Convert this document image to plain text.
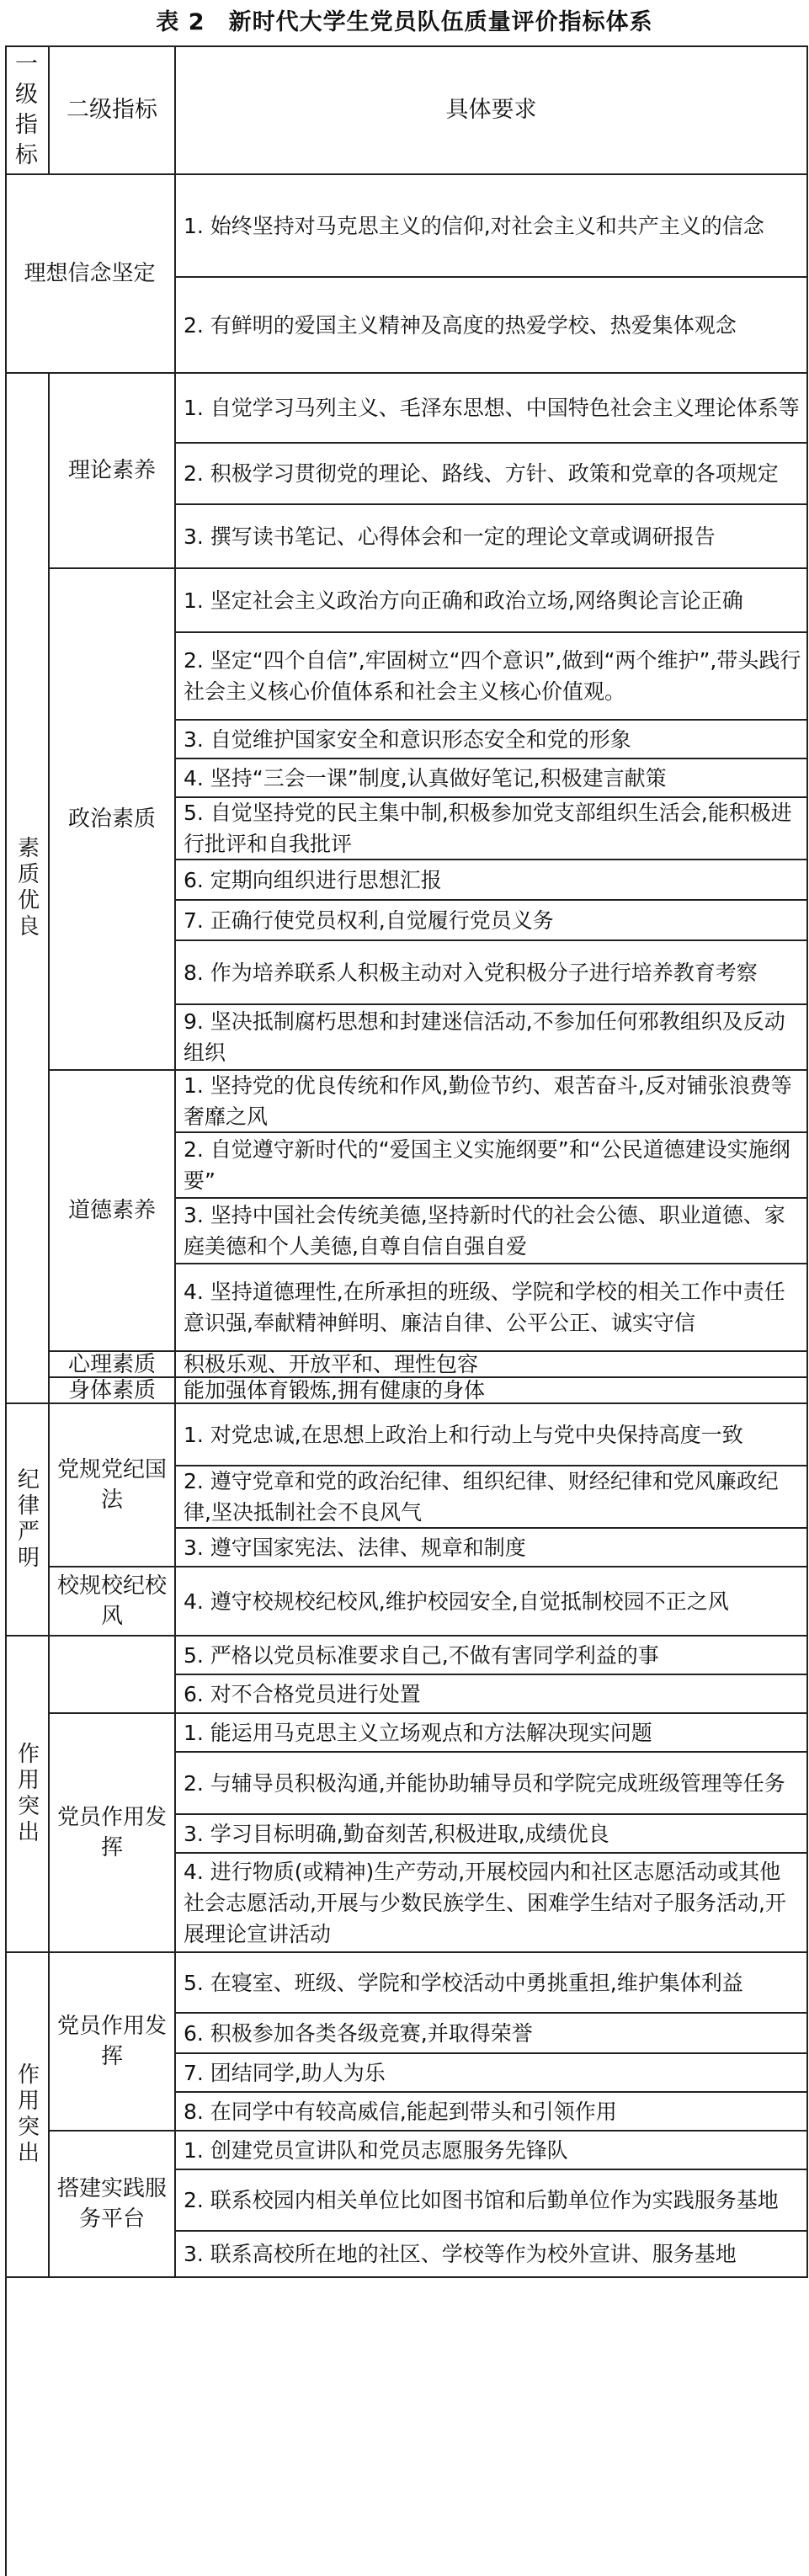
表 2　新时代大学生党员队伍质量评价指标体系
一级指标
二级指标	具体要求
理想信念坚定
1. 始终坚持对马克思主义的信仰,对社会主义和共产主义的信念
2. 有鲜明的爱国主义精神及高度的热爱学校、热爱集体观念
素质优良
理论素养
1. 自觉学习马列主义、毛泽东思想、中国特色社会主义理论体系等
2. 积极学习贯彻党的理论、路线、方针、政策和党章的各项规定
3. 撰写读书笔记、心得体会和一定的理论文章或调研报告
政治素质
1. 坚定社会主义政治方向正确和政治立场,网络舆论言论正确
2. 坚定“四个自信”,牢固树立“四个意识”,做到“两个维护”,带头践行社会主义核心价值体系和社会主义核心价值观。
3. 自觉维护国家安全和意识形态安全和党的形象
4. 坚持“三会一课”制度,认真做好笔记,积极建言献策
5. 自觉坚持党的民主集中制,积极参加党支部组织生活会,能积极进行批评和自我批评
6. 定期向组织进行思想汇报
7. 正确行使党员权利,自觉履行党员义务
8. 作为培养联系人积极主动对入党积极分子进行培养教育考察
9. 坚决抵制腐朽思想和封建迷信活动,不参加任何邪教组织及反动组织
道德素养
1. 坚持党的优良传统和作风,勤俭节约、艰苦奋斗,反对铺张浪费等奢靡之风
2. 自觉遵守新时代的“爱国主义实施纲要”和“公民道德建设实施纲要”
3. 坚持中国社会传统美德,坚持新时代的社会公德、职业道德、家庭美德和个人美德,自尊自信自强自爱
4. 坚持道德理性,在所承担的班级、学院和学校的相关工作中责任意识强,奉献精神鲜明、廉洁自律、公平公正、诚实守信
心理素质 积极乐观、开放平和、理性包容
身体素质 能加强体育锻炼,拥有健康的身体
纪律严明 党规党纪国法
1. 对党忠诚,在思想上政治上和行动上与党中央保持高度一致
2. 遵守党章和党的政治纪律、组织纪律、财经纪律和党风廉政纪律,坚决抵制社会不良风气
3. 遵守国家宪法、法律、规章和制度
校规校纪校风
4. 遵守校规校纪校风,维护校园安全,自觉抵制校园不正之风
作用突出
5. 严格以党员标准要求自己,不做有害同学利益的事
6. 对不合格党员进行处置
党员作用发挥
1. 能运用马克思主义立场观点和方法解决现实问题
2. 与辅导员积极沟通,并能协助辅导员和学院完成班级管理等任务
3. 学习目标明确,勤奋刻苦,积极进取,成绩优良
4. 进行物质(或精神)生产劳动,开展校园内和社区志愿活动或其他社会志愿活动,开展与少数民族学生、困难学生结对子服务活动,开展理论宣讲活动
作用突出
党员作用发挥
5. 在寝室、班级、学院和学校活动中勇挑重担,维护集体利益
6. 积极参加各类各级竞赛,并取得荣誉
7. 团结同学,助人为乐
8. 在同学中有较高威信,能起到带头和引领作用
搭建实践服务平台
1. 创建党员宣讲队和党员志愿服务先锋队
2. 联系校园内相关单位比如图书馆和后勤单位作为实践服务基地
3. 联系高校所在地的社区、学校等作为校外宣讲、服务基地
